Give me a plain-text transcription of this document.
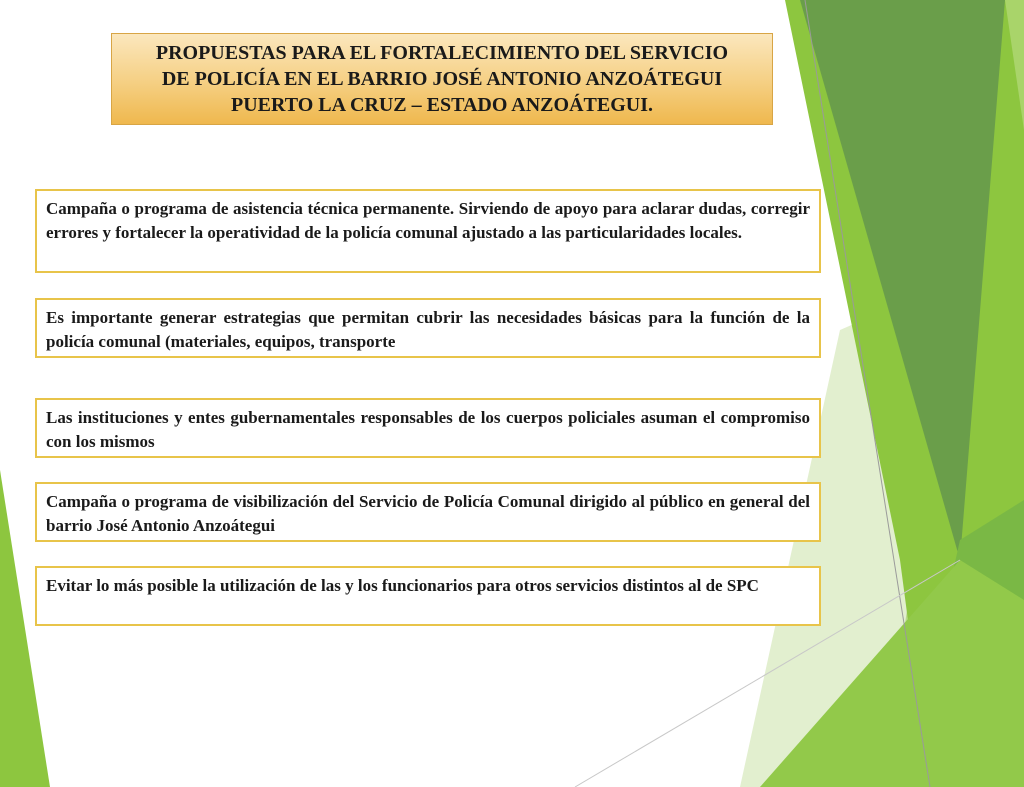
PROPUESTAS PARA EL FORTALECIMIENTO DEL SERVICIO
DE POLICÍA EN EL BARRIO JOSÉ ANTONIO ANZOÁTEGUI
PUERTO LA CRUZ – ESTADO ANZOÁTEGUI.

Campaña o programa de asistencia técnica permanente. Sirviendo de apoyo para aclarar dudas, corregir errores y fortalecer la operatividad de la policía comunal ajustado a las particularidades locales.

Es importante generar estrategias que permitan cubrir las necesidades básicas para la función de la policía comunal (materiales, equipos, transporte

Las instituciones y entes gubernamentales responsables de los cuerpos policiales asuman el compromiso con los mismos

Campaña o programa de visibilización del Servicio de Policía Comunal dirigido al público en general del barrio José Antonio Anzoátegui

Evitar lo más posible la utilización de las y los funcionarios para otros servicios distintos al de SPC
